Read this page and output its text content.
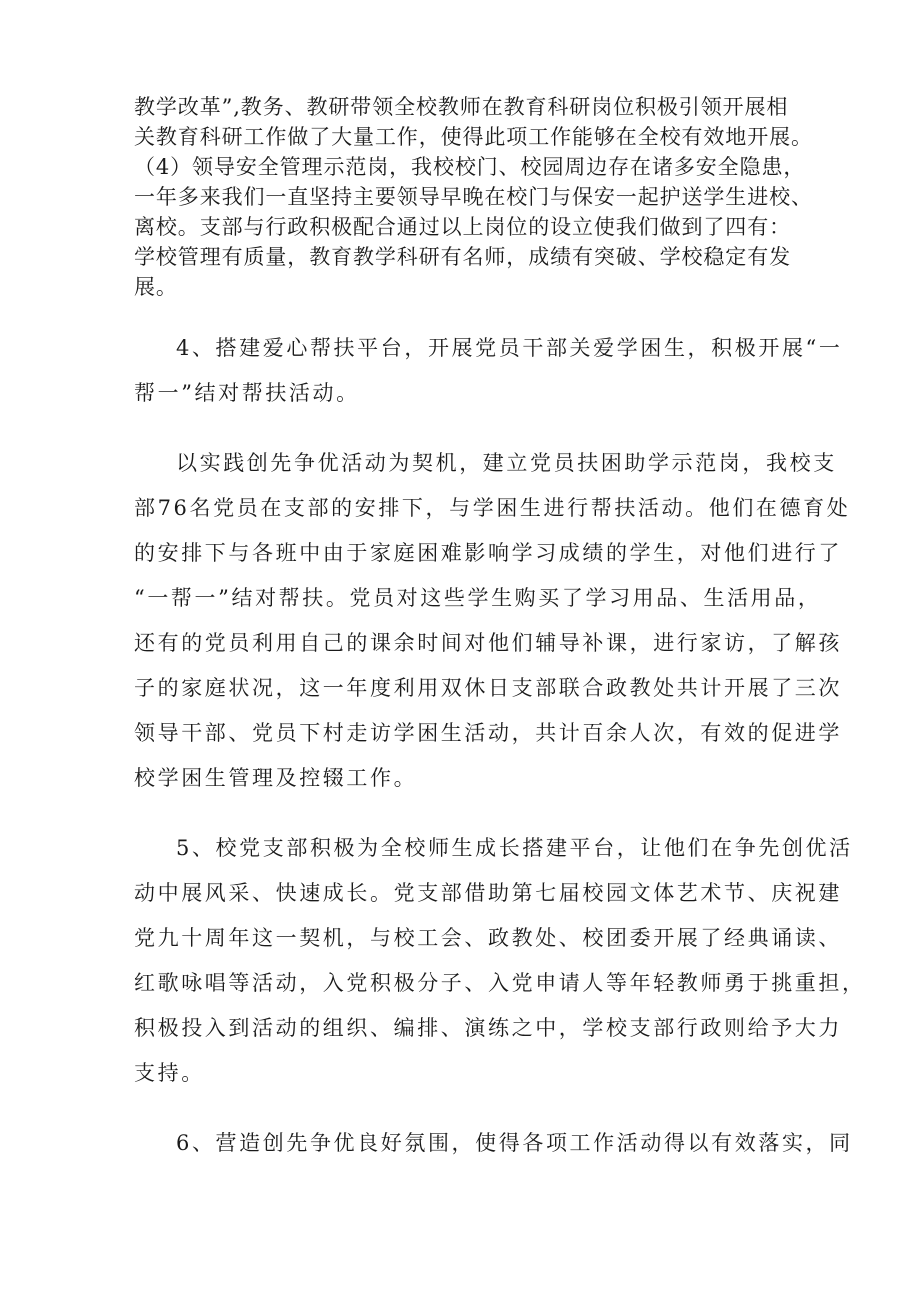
教学改革”,教务、教研带领全校教师在教育科研岗位积极引领开展相

关教育科研工作做了大量工作，使得此项工作能够在全校有效地开展。

（4）领导安全管理示范岗，我校校门、校园周边存在诸多安全隐患，

一年多来我们一直坚持主要领导早晚在校门与保安一起护送学生进校、

离校。支部与行政积极配合通过以上岗位的设立使我们做到了四有：

学校管理有质量，教育教学科研有名师，成绩有突破、学校稳定有发

展。

4、搭建爱心帮扶平台，开展党员干部关爱学困生，积极开展“一
帮一”结对帮扶活动。
以实践创先争优活动为契机，建立党员扶困助学示范岗，我校支
部76名党员在支部的安排下，与学困生进行帮扶活动。他们在德育处
的安排下与各班中由于家庭困难影响学习成绩的学生，对他们进行了
“一帮一”结对帮扶。党员对这些学生购买了学习用品、生活用品，
还有的党员利用自己的课余时间对他们辅导补课，进行家访，了解孩
子的家庭状况，这一年度利用双休日支部联合政教处共计开展了三次
领导干部、党员下村走访学困生活动，共计百余人次，有效的促进学
校学困生管理及控辍工作。
5、校党支部积极为全校师生成长搭建平台，让他们在争先创优活
动中展风采、快速成长。党支部借助第七届校园文体艺术节、庆祝建
党九十周年这一契机，与校工会、政教处、校团委开展了经典诵读、
红歌咏唱等活动，入党积极分子、入党申请人等年轻教师勇于挑重担，
积极投入到活动的组织、编排、演练之中，学校支部行政则给予大力
支持。
6、营造创先争优良好氛围，使得各项工作活动得以有效落实，同
